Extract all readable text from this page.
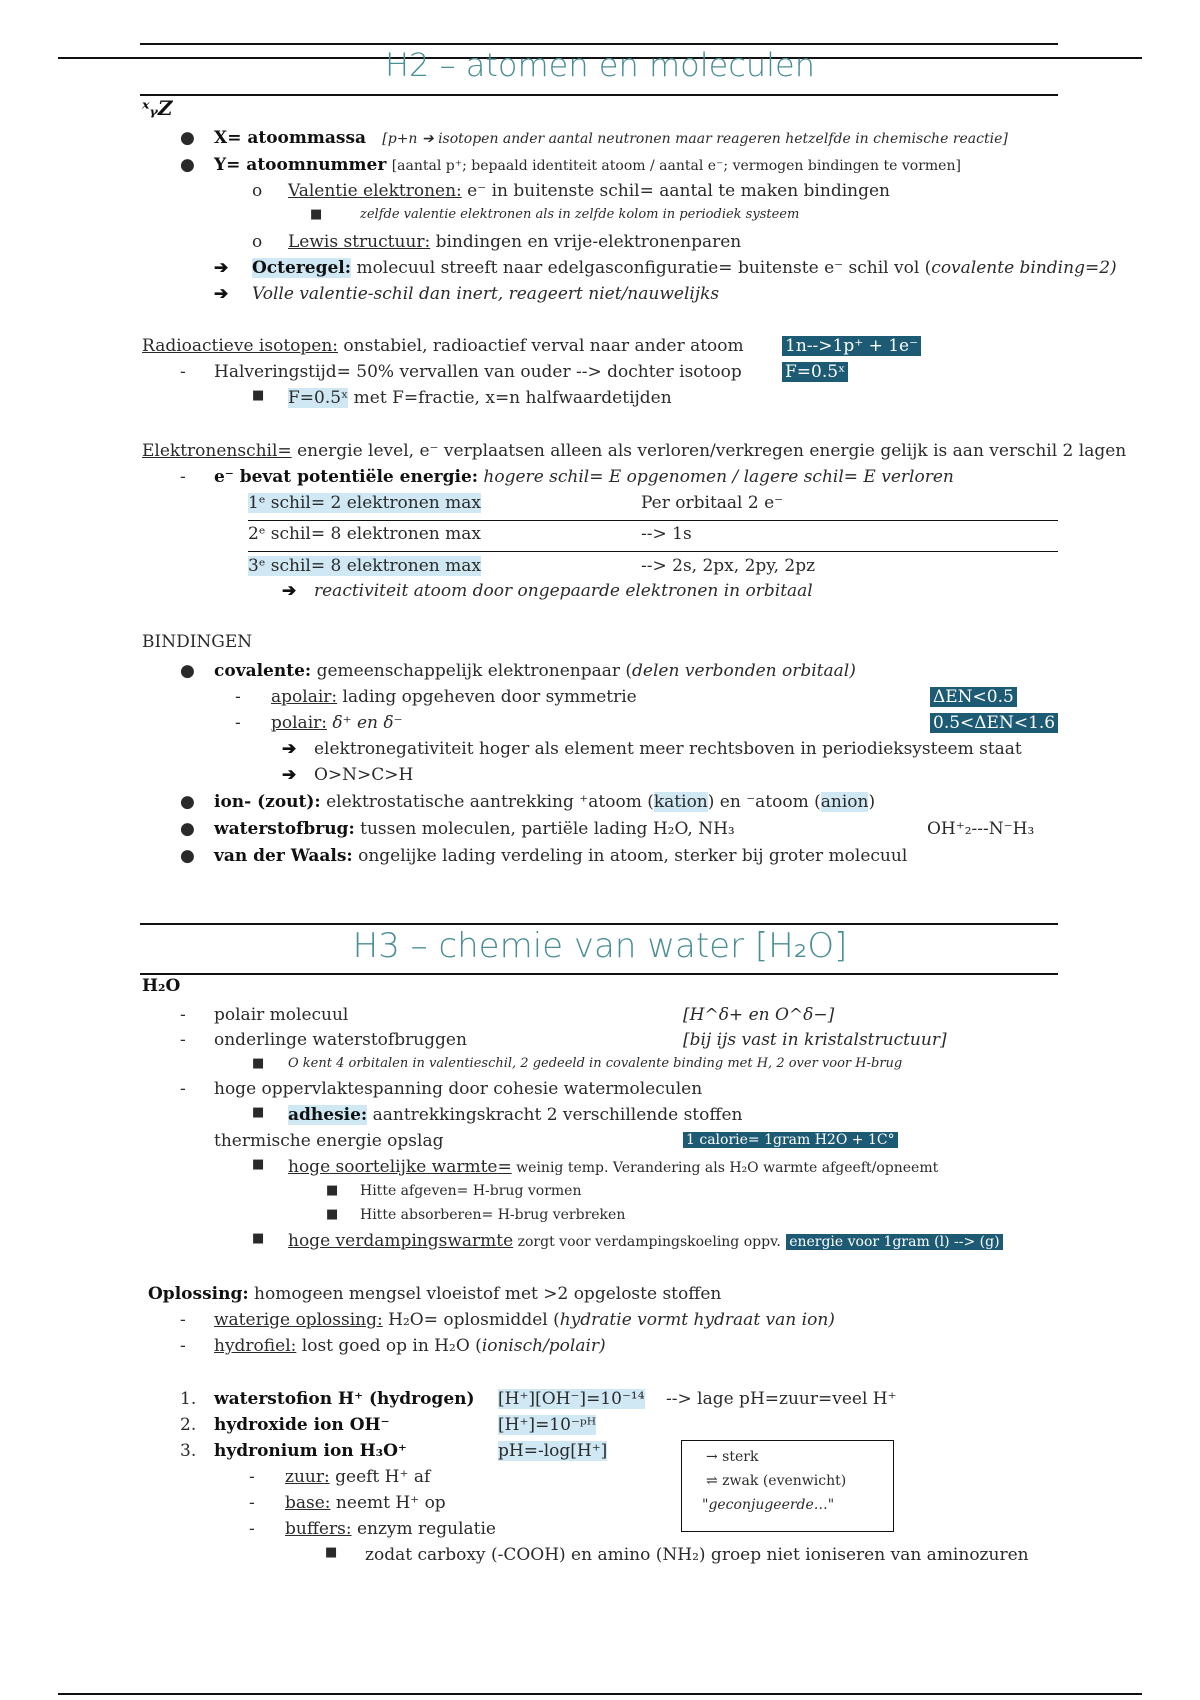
H2 – atomen en moleculen
ˣᵧZ
● X= atoommassa [p+n ➔ isotopen ander aantal neutronen maar reageren hetzelfde in chemische reactie]
● Y= atoomnummer [aantal p⁺; bepaald identiteit atoom / aantal e⁻; vermogen bindingen te vormen]
o Valentie elektronen: e⁻ in buitenste schil= aantal te maken bindingen
■	zelfde valentie elektronen als in zelfde kolom in periodiek systeem
o Lewis structuur: bindingen en vrije-elektronenparen
➔ Octeregel: molecuul streeft naar edelgasconfiguratie= buitenste e⁻ schil vol (covalente binding=2)
➔ Volle valentie-schil dan inert, reageert niet/nauwelijks
Radioactieve isotopen: onstabiel, radioactief verval naar ander atoom 1n-->1p⁺ + 1e⁻
- Halveringstijd= 50% vervallen van ouder --> dochter isotoop	F=0.5ˣ
■ F=0.5ˣ met F=fractie, x=n halfwaardetijden
Elektronenschil= energie level, e⁻ verplaatsen alleen als verloren/verkregen energie gelijk is aan verschil 2 lagen
- e⁻ bevat potentiële energie: hogere schil= E opgenomen / lagere schil= E verloren
1ᵉ schil= 2 elektronen max	Per orbitaal 2 e⁻
2ᵉ schil= 8 elektronen max	--> 1s
3ᵉ schil= 8 elektronen max	--> 2s, 2px, 2py, 2pz
➔ reactiviteit atoom door ongepaarde elektronen in orbitaal
BINDINGEN
● covalente: gemeenschappelijk elektronenpaar (delen verbonden orbitaal)
- apolair: lading opgeheven door symmetrie	ΔEN<0.5
- polair: δ⁺ en δ⁻	0.5<ΔEN<1.6
➔ elektronegativiteit hoger als element meer rechtsboven in periodieksysteem staat
➔ O>N>C>H
● ion- (zout): elektrostatische aantrekking ⁺atoom (kation) en ⁻atoom (anion)
● waterstofbrug: tussen moleculen, partiële lading H₂O, NH₃	OH⁺₂---N⁻H₃
● van der Waals: ongelijke lading verdeling in atoom, sterker bij groter molecuul
H3 – chemie van water [H₂O]
H₂O
- polair molecuul	[H^δ+ en O^δ−]
- onderlinge waterstofbruggen	[bij ijs vast in kristalstructuur]
■ O kent 4 orbitalen in valentieschil, 2 gedeeld in covalente binding met H, 2 over voor H-brug
- hoge oppervlaktespanning door cohesie watermoleculen
■ adhesie: aantrekkingskracht 2 verschillende stoffen
thermische energie opslag	1 calorie= 1gram H2O + 1C°
■ hoge soortelijke warmte= weinig temp. Verandering als H₂O warmte afgeeft/opneemt
■ Hitte afgeven= H-brug vormen
■ Hitte absorberen= H-brug verbreken
■ hoge verdampingswarmte zorgt voor verdampingskoeling oppv. energie voor 1gram (l) --> (g)
Oplossing: homogeen mengsel vloeistof met >2 opgeloste stoffen
- waterige oplossing: H₂O= oplosmiddel (hydratie vormt hydraat van ion)
- hydrofiel: lost goed op in H₂O (ionisch/polair)
1. waterstofion H⁺ (hydrogen) [H⁺][OH⁻]=10⁻¹⁴ --> lage pH=zuur=veel H⁺
2. hydroxide ion OH⁻	[H⁺]=10⁻ᵖᴴ
3. hydronium ion H₃O⁺	pH=-log[H⁺]	→ sterk
⇌ zwak (evenwicht)
"geconjugeerde…"
- zuur: geeft H⁺ af
- base: neemt H⁺ op
- buffers: enzym regulatie
■ zodat carboxy (-COOH) en amino (NH₂) groep niet ioniseren van aminozuren
